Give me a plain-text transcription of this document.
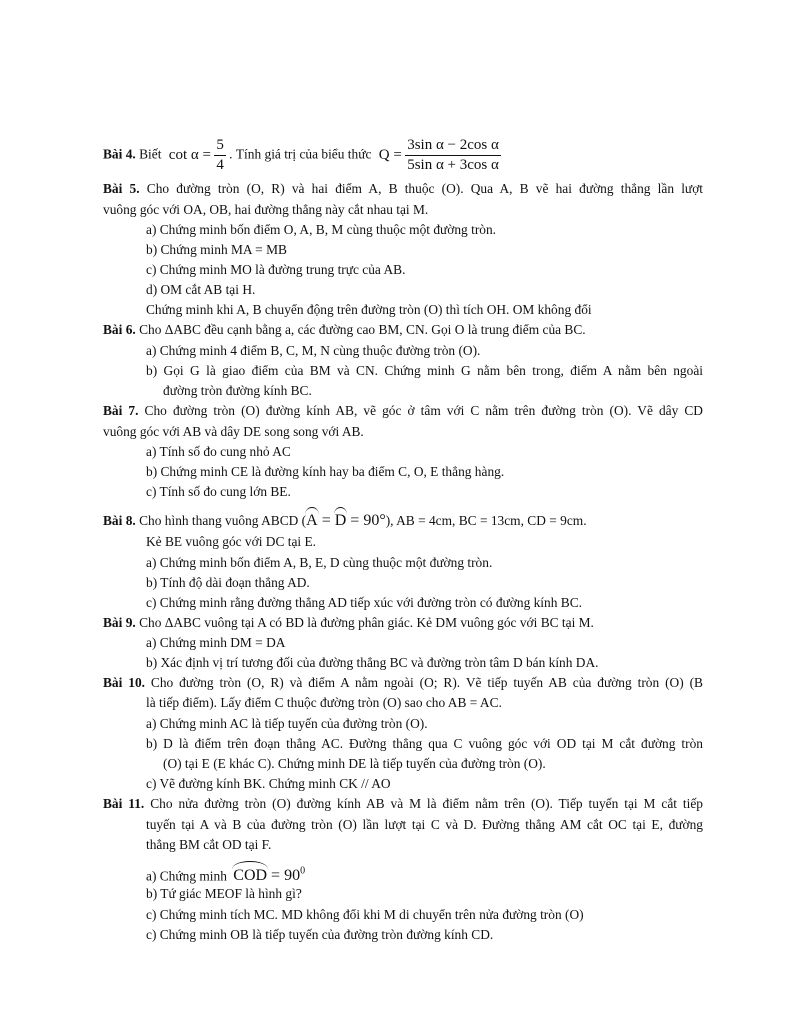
Bài 4. Biết $\cot \alpha = \frac{5}{4}$ . Tính giá trị của biểu thức $Q = \frac{\text{3sin α − 2cos α}}{\text{5sin α + 3cos α}}$
Bài 5. Cho đường tròn (O, R) và hai điểm A, B thuộc (O). Qua A, B vẽ hai đường thẳng lần lượt
vuông góc với OA, OB, hai đường thẳng này cắt nhau tại M.
a) Chứng minh bốn điểm O, A, B, M cùng thuộc một đường tròn.
b) Chứng minh MA = MB
c) Chứng minh MO là đường trung trực của AB.
d) OM cắt AB tại H.
Chứng minh khi A, B chuyển động trên đường tròn (O) thì tích OH. OM không đổi
Bài 6. Cho ΔABC đều cạnh bằng a, các đường cao BM, CN. Gọi O là trung điểm của BC.
a) Chứng minh 4 điểm B, C, M, N cùng thuộc đường tròn (O).
b) Gọi G là giao điểm của BM và CN. Chứng minh G nằm bên trong, điểm A nằm bên ngoài
đường tròn đường kính BC.
Bài 7. Cho đường tròn (O) đường kính AB, vẽ góc ở tâm với C nằm trên đường tròn (O). Vẽ dây CD
vuông góc với AB và dây DE song song với AB.
a) Tính số đo cung nhỏ AC
b) Chứng minh CE là đường kính hay ba điểm C, O, E thẳng hàng.
c) Tính số đo cung lớn BE.
Bài 8. Cho hình thang vuông ABCD (A = D = 90°), AB = 4cm, BC = 13cm, CD = 9cm.
Kẻ BE vuông góc với DC tại E.
a) Chứng minh bốn điểm A, B, E, D cùng thuộc một đường tròn.
b) Tính độ dài đoạn thẳng AD.
c) Chứng minh rằng đường thẳng AD tiếp xúc với đường tròn có đường kính BC.
Bài 9. Cho ΔABC vuông tại A có BD là đường phân giác. Kẻ DM vuông góc với BC tại M.
a) Chứng minh DM = DA
b) Xác định vị trí tương đối của đường thẳng BC và đường tròn tâm D bán kính DA.
Bài 10. Cho đường tròn (O, R) và điểm A nằm ngoài (O; R). Vẽ tiếp tuyến AB của đường tròn (O) (B
là tiếp điểm). Lấy điểm C thuộc đường tròn (O) sao cho AB = AC.
a) Chứng minh AC là tiếp tuyến của đường tròn (O).
b) D là điểm trên đoạn thẳng AC. Đường thẳng qua C vuông góc với OD tại M cắt đường tròn
(O) tại E (E khác C). Chứng minh DE là tiếp tuyến của đường tròn (O).
c) Vẽ đường kính BK. Chứng minh CK // AO
Bài 11. Cho nửa đường tròn (O) đường kính AB và M là điểm nằm trên (O). Tiếp tuyến tại M cắt tiếp
tuyến tại A và B của đường tròn (O) lần lượt tại C và D. Đường thẳng AM cắt OC tại E, đường
thẳng BM cắt OD tại F.
a) Chứng minh COD = $90^0$
b) Tứ giác MEOF là hình gì?
c) Chứng minh tích MC. MD không đổi khi M di chuyển trên nửa đường tròn (O)
c) Chứng minh OB là tiếp tuyến của đường tròn đường kính CD.
